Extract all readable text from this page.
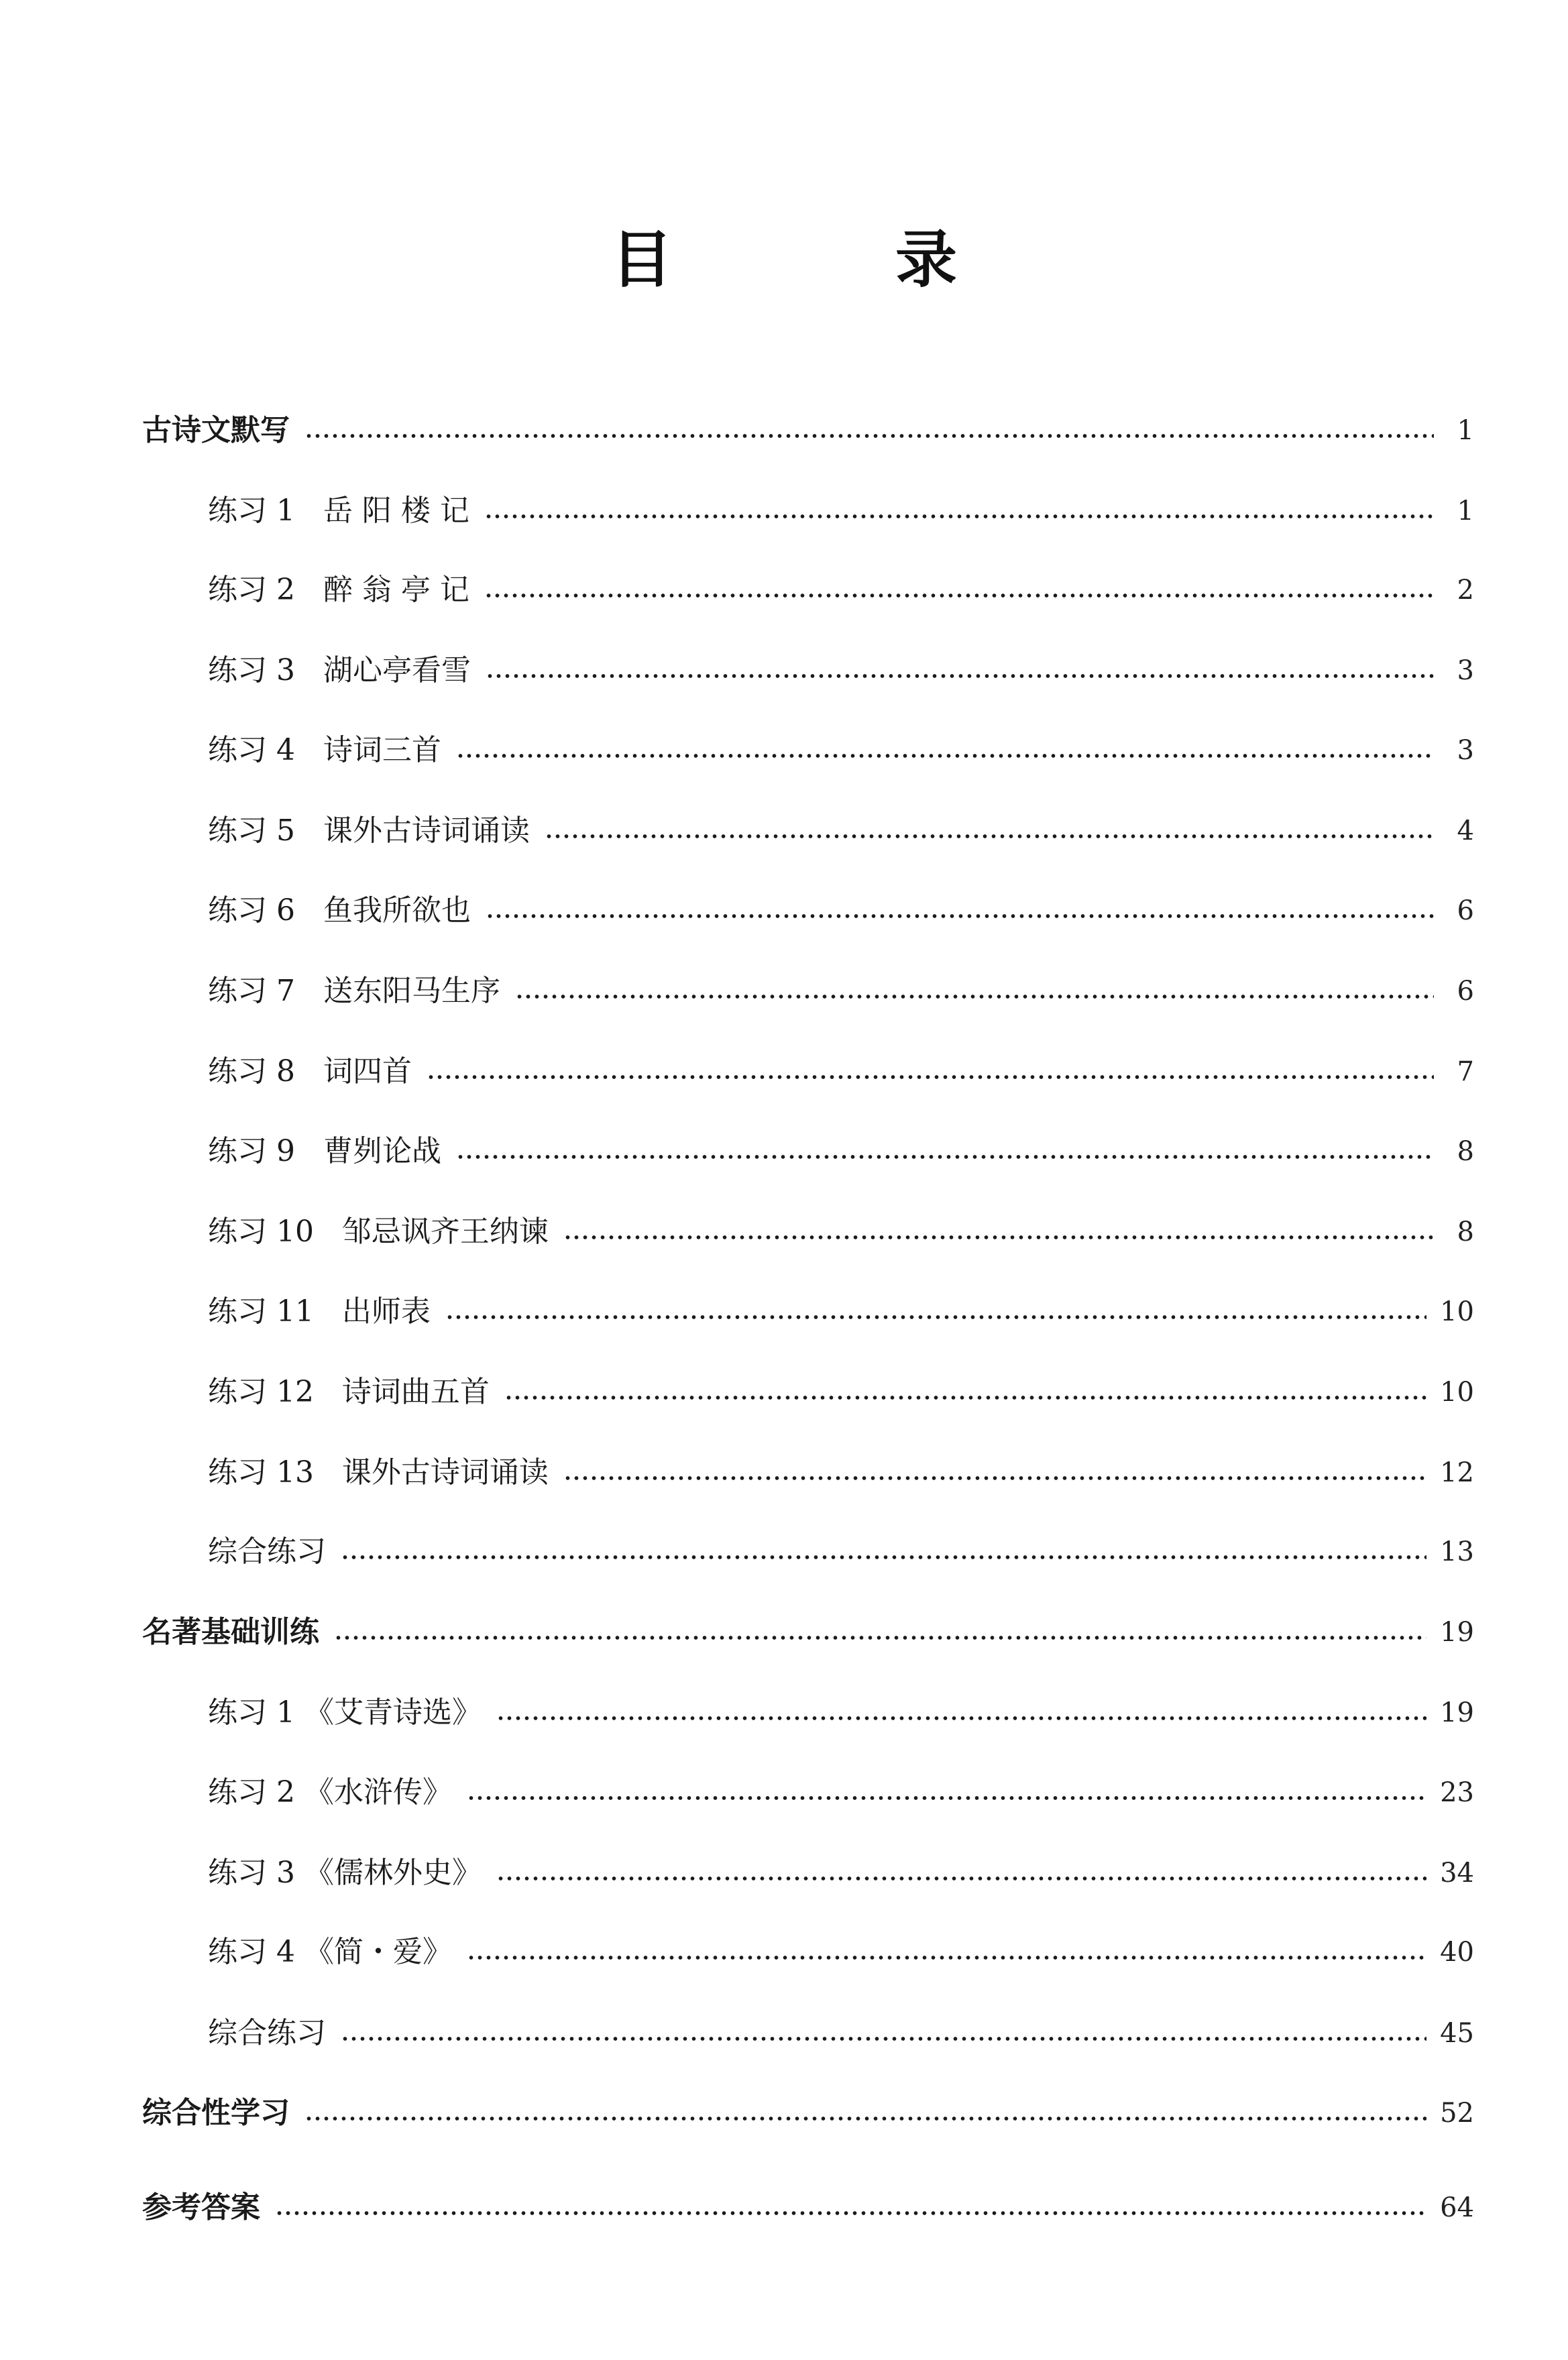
目 录
古诗文默写	1
练习 1   岳 阳 楼 记	1
练习 2   醉 翁 亭 记	2
练习 3   湖心亭看雪	3
练习 4   诗词三首	3
练习 5   课外古诗词诵读	4
练习 6   鱼我所欲也	6
练习 7   送东阳马生序	6
练习 8   词四首	7
练习 9   曹刿论战	8
练习 10   邹忌讽齐王纳谏	8
练习 11   出师表	10
练习 12   诗词曲五首	10
练习 13   课外古诗词诵读	12
综合练习	13
名著基础训练	19
练习 1 《艾青诗选》	19
练习 2 《水浒传》	23
练习 3 《儒林外史》	34
练习 4 《简・爱》	40
综合练习	45
综合性学习	52
参考答案	64
